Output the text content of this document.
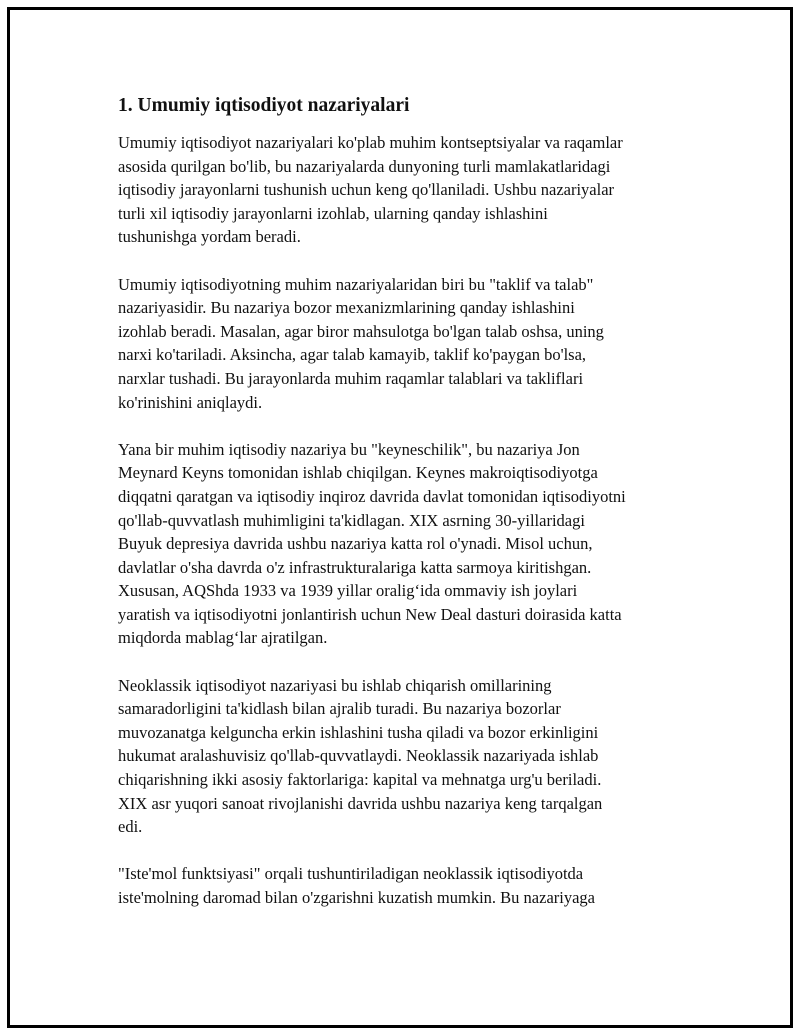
1. Umumiy iqtisodiyot nazariyalari

Umumiy iqtisodiyot nazariyalari ko'plab muhim kontseptsiyalar va raqamlar
asosida qurilgan bo'lib, bu nazariyalarda dunyoning turli mamlakatlaridagi
iqtisodiy jarayonlarni tushunish uchun keng qo'llaniladi. Ushbu nazariyalar
turli xil iqtisodiy jarayonlarni izohlab, ularning qanday ishlashini
tushunishga yordam beradi.

Umumiy iqtisodiyotning muhim nazariyalaridan biri bu "taklif va talab"
nazariyasidir. Bu nazariya bozor mexanizmlarining qanday ishlashini
izohlab beradi. Masalan, agar biror mahsulotga bo'lgan talab oshsa, uning
narxi ko'tariladi. Aksincha, agar talab kamayib, taklif ko'paygan bo'lsa,
narxlar tushadi. Bu jarayonlarda muhim raqamlar talablari va takliflari
ko'rinishini aniqlaydi.

Yana bir muhim iqtisodiy nazariya bu "keyneschilik", bu nazariya Jon
Meynard Keyns tomonidan ishlab chiqilgan. Keynes makroiqtisodiyotga
diqqatni qaratgan va iqtisodiy inqiroz davrida davlat tomonidan iqtisodiyotni
qo'llab-quvvatlash muhimligini ta'kidlagan. XIX asrning 30-yillaridagi
Buyuk depresiya davrida ushbu nazariya katta rol o'ynadi. Misol uchun,
davlatlar o'sha davrda o'z infrastrukturalariga katta sarmoya kiritishgan.
Xususan, AQShda 1933 va 1939 yillar oralig‘ida ommaviy ish joylari
yaratish va iqtisodiyotni jonlantirish uchun New Deal dasturi doirasida katta
miqdorda mablag‘lar ajratilgan.

Neoklassik iqtisodiyot nazariyasi bu ishlab chiqarish omillarining
samaradorligini ta'kidlash bilan ajralib turadi. Bu nazariya bozorlar
muvozanatga kelguncha erkin ishlashini tusha qiladi va bozor erkinligini
hukumat aralashuvisiz qo'llab-quvvatlaydi. Neoklassik nazariyada ishlab
chiqarishning ikki asosiy faktorlariga: kapital va mehnatga urg'u beriladi.
XIX asr yuqori sanoat rivojlanishi davrida ushbu nazariya keng tarqalgan
edi.

"Iste'mol funktsiyasi" orqali tushuntiriladigan neoklassik iqtisodiyotda
iste'molning daromad bilan o'zgarishni kuzatish mumkin. Bu nazariyaga
